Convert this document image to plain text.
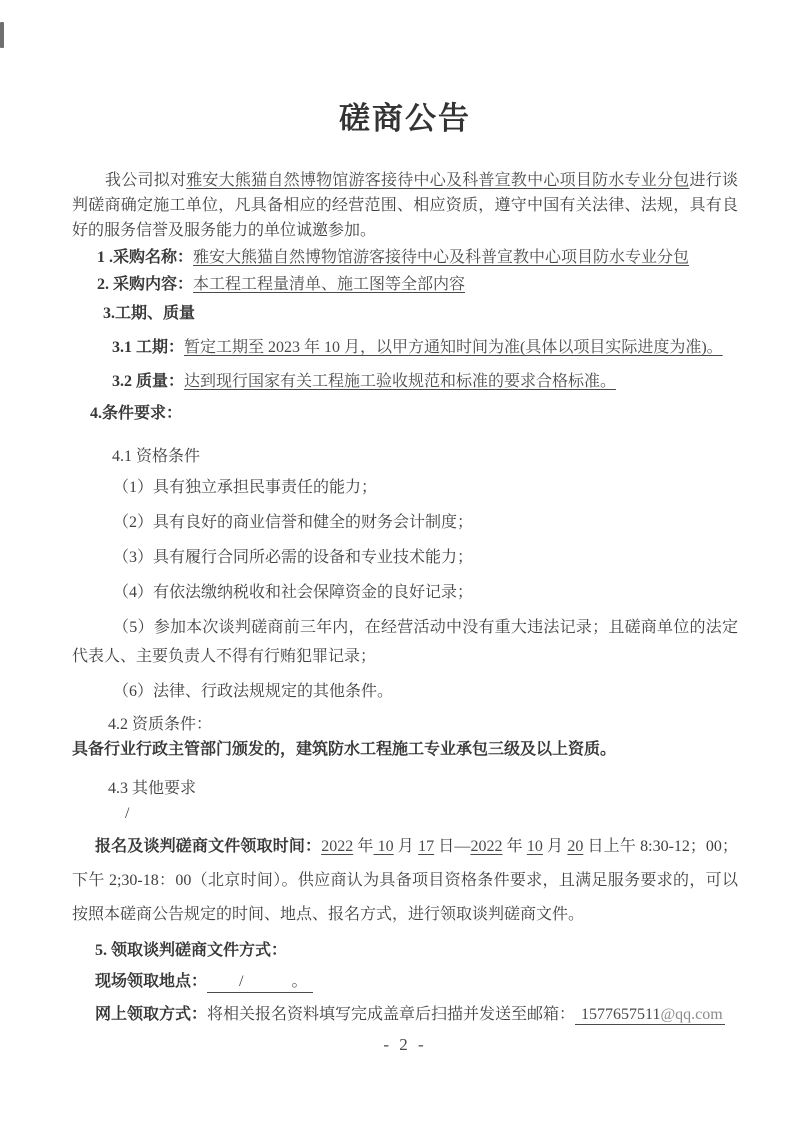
磋商公告

我公司拟对雅安大熊猫自然博物馆游客接待中心及科普宣教中心项目防水专业分包进行谈判磋商确定施工单位，凡具备相应的经营范围、相应资质，遵守中国有关法律、法规，具有良好的服务信誉及服务能力的单位诚邀参加。

1 .采购名称：雅安大熊猫自然博物馆游客接待中心及科普宣教中心项目防水专业分包

2. 采购内容：本工程工程量清单、施工图等全部内容

3.工期、质量

3.1 工期：暂定工期至 2023 年 10 月，以甲方通知时间为准(具体以项目实际进度为准)。

3.2 质量：达到现行国家有关工程施工验收规范和标准的要求合格标准。

4.条件要求：

4.1 资格条件

（1）具有独立承担民事责任的能力；

（2）具有良好的商业信誉和健全的财务会计制度；

（3）具有履行合同所必需的设备和专业技术能力；

（4）有依法缴纳税收和社会保障资金的良好记录；

（5）参加本次谈判磋商前三年内，在经营活动中没有重大违法记录；且磋商单位的法定代表人、主要负责人不得有行贿犯罪记录；

（6）法律、行政法规规定的其他条件。

4.2 资质条件：

具备行业行政主管部门颁发的，建筑防水工程施工专业承包三级及以上资质。

4.3 其他要求

/

报名及谈判磋商文件领取时间：2022 年 10 月 17 日—2022 年 10 月 20 日上午 8:30-12；00；下午 2;30-18：00（北京时间）。供应商认为具备项目资格条件要求，且满足服务要求的，可以按照本磋商公告规定的时间、地点、报名方式，进行领取谈判磋商文件。

5. 领取谈判磋商文件方式：

现场领取地点：　　/　　　。

网上领取方式：将相关报名资料填写完成盖章后扫描并发送至邮箱： 1577657511@qq.com

- 2 -
